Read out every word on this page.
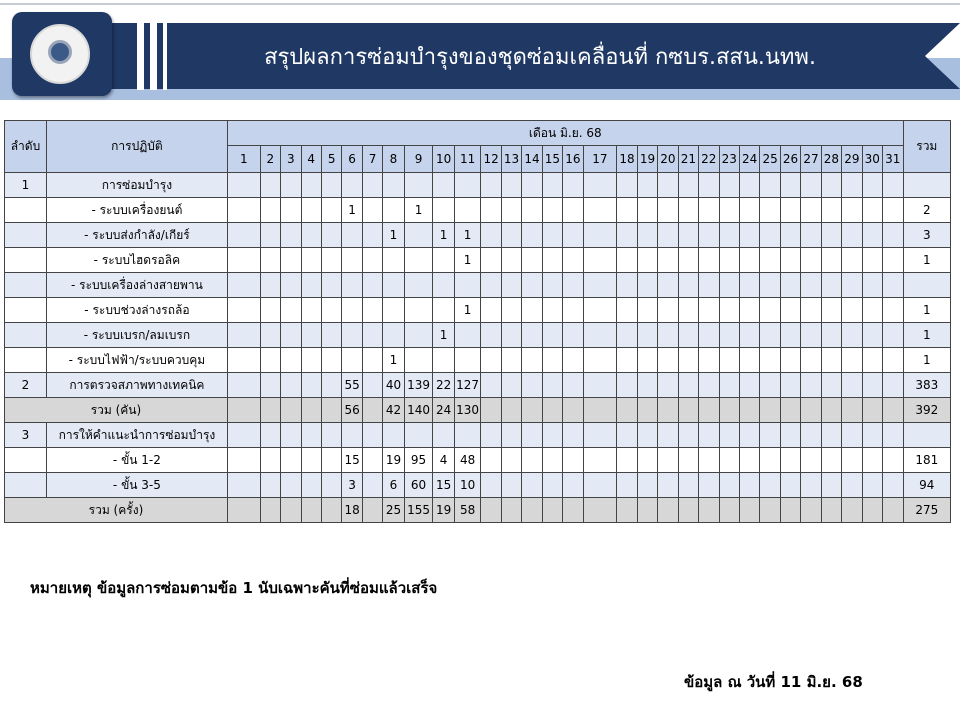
สรุปผลการซ่อมบำรุงของชุดซ่อมเคลื่อนที่ กซบร.สสน.นทพ.
ลำดับ	การปฏิบัติ	เดือน มิ.ย. 68																															รวม
		1	2	3	4	5	6	7	8	9	10	11	12	13	14	15	16	17	18	19	20	21	22	23	24	25	26	27	28	29	30	31	
1	การซ่อมบำรุง																																
	- ระบบเครื่องยนต์						1			1																							2
	- ระบบส่งกำลัง/เกียร์								1		1	1																					3
	- ระบบไฮดรอลิค											1																					1
	- ระบบเครื่องล่างสายพาน																																
	- ระบบช่วงล่างรถล้อ											1																					1
	- ระบบเบรก/ลมเบรก										1																						1
	- ระบบไฟฟ้า/ระบบควบคุม								1																								1
2	การตรวจสภาพทางเทคนิค						55		40	139	22	127																					383
รวม (คัน)							56		42	140	24	130																					392
3	การให้คำแนะนำการซ่อมบำรุง																																
	- ขั้น 1-2						15		19	95	4	48																					181
	- ขั้น 3-5						3		6	60	15	10																					94
รวม (ครั้ง)							18		25	155	19	58																					275
หมายเหตุ ข้อมูลการซ่อมตามข้อ 1 นับเฉพาะคันที่ซ่อมแล้วเสร็จ
ข้อมูล ณ วันที่ 11 มิ.ย. 68
